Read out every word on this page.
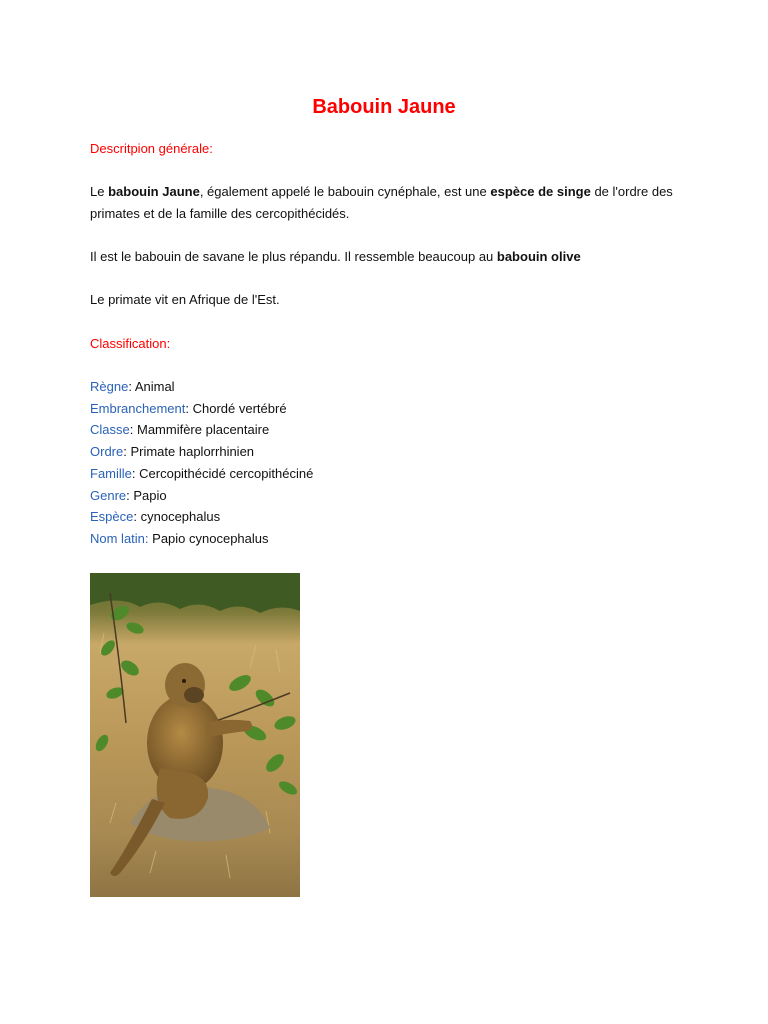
Babouin Jaune
Descritpion générale:
Le babouin Jaune, également appelé le babouin cynéphale, est une espèce de singe de l'ordre des primates et de la famille des cercopithécidés.
Il est le babouin de savane le plus répandu. Il ressemble beaucoup au babouin olive
Le primate vit en Afrique de l'Est.
Classification:
Règne: Animal
Embranchement: Chordé vertébré
Classe: Mammifère placentaire
Ordre: Primate haplorrhinien
Famille: Cercopithécidé cercopithéciné
Genre: Papio
Espèce: cynocephalus
Nom latin: Papio cynocephalus
